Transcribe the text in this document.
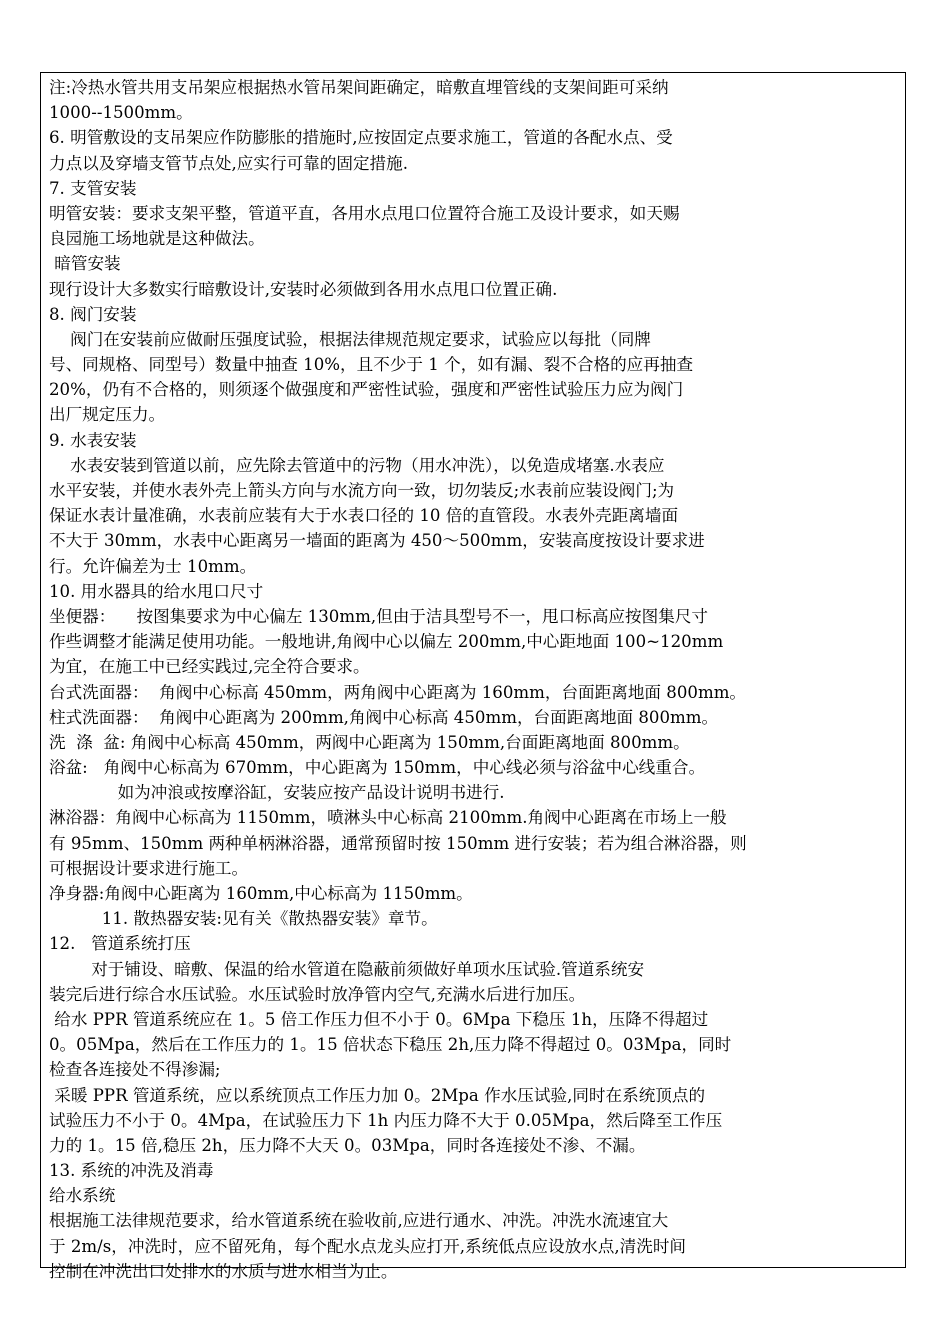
注:冷热水管共用支吊架应根据热水管吊架间距确定，暗敷直埋管线的支架间距可采纳
1000--1500mm。
6. 明管敷设的支吊架应作防膨胀的措施时,应按固定点要求施工，管道的各配水点、受
力点以及穿墙支管节点处,应实行可靠的固定措施.
7. 支管安装
明管安装：要求支架平整，管道平直，各用水点甩口位置符合施工及设计要求，如天赐
良园施工场地就是这种做法。
暗管安装
现行设计大多数实行暗敷设计,安装时必须做到各用水点甩口位置正确.
8. 阀门安装
阀门在安装前应做耐压强度试验，根据法律规范规定要求，试验应以每批（同牌
号、同规格、同型号）数量中抽查 10%，且不少于 1 个，如有漏、裂不合格的应再抽查
20%，仍有不合格的，则须逐个做强度和严密性试验，强度和严密性试验压力应为阀门
出厂规定压力。
9. 水表安装
水表安装到管道以前，应先除去管道中的污物（用水冲洗），以免造成堵塞.水表应
水平安装，并使水表外壳上箭头方向与水流方向一致，切勿装反;水表前应装设阀门;为
保证水表计量准确，水表前应装有大于水表口径的 10 倍的直管段。水表外壳距离墙面
不大于 30mm，水表中心距离另一墙面的距离为 450～500mm，安装高度按设计要求进
行。允许偏差为士 10mm。
10. 用水器具的给水甩口尺寸
坐便器：    按图集要求为中心偏左 130mm,但由于洁具型号不一，甩口标高应按图集尺寸
作些调整才能满足使用功能。一般地讲,角阀中心以偏左 200mm,中心距地面 100~120mm
为宜，在施工中已经实践过,完全符合要求。
台式洗面器：  角阀中心标高 450mm，两角阀中心距离为 160mm，台面距离地面 800mm。
柱式洗面器：  角阀中心距离为 200mm,角阀中心标高 450mm，台面距离地面 800mm。
洗  涤  盆: 角阀中心标高 450mm，两阀中心距离为 150mm,台面距离地面 800mm。
浴盆:   角阀中心标高为 670mm，中心距离为 150mm，中心线必须与浴盆中心线重合。
如为冲浪或按摩浴缸，安装应按产品设计说明书进行.
淋浴器：角阀中心标高为 1150mm，喷淋头中心标高 2100mm.角阀中心距离在市场上一般
有 95mm、150mm 两种单柄淋浴器，通常预留时按 150mm 进行安装；若为组合淋浴器，则
可根据设计要求进行施工。
净身器:角阀中心距离为 160mm,中心标高为 1150mm。
11. 散热器安装:见有关《散热器安装》章节。
12.   管道系统打压
对于铺设、暗敷、保温的给水管道在隐蔽前须做好单项水压试验.管道系统安
装完后进行综合水压试验。水压试验时放净管内空气,充满水后进行加压。
给水 PPR 管道系统应在 1。5 倍工作压力但不小于 0。6Mpa 下稳压 1h，压降不得超过
0。05Mpa，然后在工作压力的 1。15 倍状态下稳压 2h,压力降不得超过 0。03Mpa，同时
检查各连接处不得渗漏;
采暖 PPR 管道系统，应以系统顶点工作压力加 0。2Mpa 作水压试验,同时在系统顶点的
试验压力不小于 0。4Mpa，在试验压力下 1h 内压力降不大于 0.05Mpa，然后降至工作压
力的 1。15 倍,稳压 2h，压力降不大天 0。03Mpa，同时各连接处不渗、不漏。
13. 系统的冲洗及消毒
给水系统
根据施工法律规范要求，给水管道系统在验收前,应进行通水、冲洗。冲洗水流速宜大
于 2m/s，冲洗时，应不留死角，每个配水点龙头应打开,系统低点应设放水点,清洗时间
控制在冲洗出口处排水的水质与进水相当为止。
